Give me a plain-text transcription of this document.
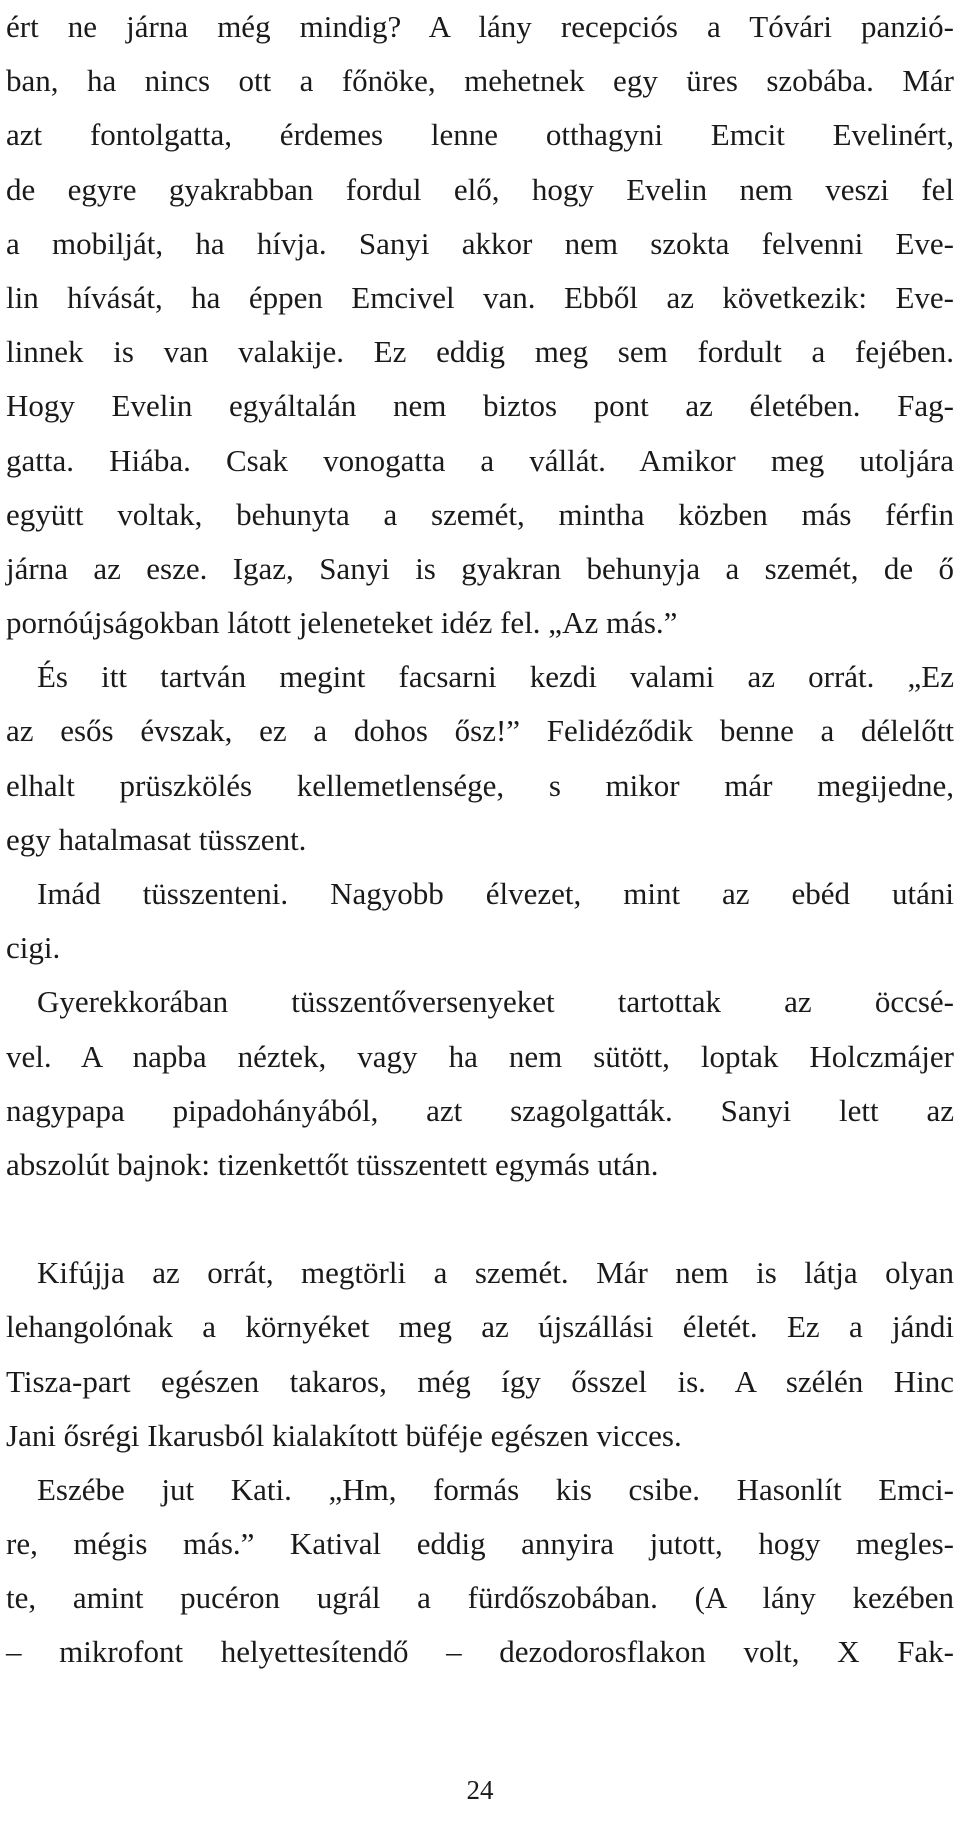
ért ne járna még mindig? A lány recepciós a Tóvári panzió-
ban, ha nincs ott a főnöke, mehetnek egy üres szobába. Már
azt fontolgatta, érdemes lenne otthagyni Emcit Evelinért,
de egyre gyakrabban fordul elő, hogy Evelin nem veszi fel
a mobilját, ha hívja. Sanyi akkor nem szokta felvenni Eve-
lin hívását, ha éppen Emcivel van. Ebből az következik: Eve-
linnek is van valakije. Ez eddig meg sem fordult a fejében.
Hogy Evelin egyáltalán nem biztos pont az életében. Fag-
gatta. Hiába. Csak vonogatta a vállát. Amikor meg utoljára
együtt voltak, behunyta a szemét, mintha közben más férfin
járna az esze. Igaz, Sanyi is gyakran behunyja a szemét, de ő
pornóújságokban látott jeleneteket idéz fel. „Az más.”
És itt tartván megint facsarni kezdi valami az orrát. „Ez
az esős évszak, ez a dohos ősz!” Felidéződik benne a délelőtt
elhalt prüszkölés kellemetlensége, s mikor már megijedne,
egy hatalmasat tüsszent.
Imád tüsszenteni. Nagyobb élvezet, mint az ebéd utáni
cigi.
Gyerekkorában tüsszentőversenyeket tartottak az öccsé-
vel. A napba néztek, vagy ha nem sütött, loptak Holczmájer
nagypapa pipadohányából, azt szagolgatták. Sanyi lett az
abszolút bajnok: tizenkettőt tüsszentett egymás után.
Kifújja az orrát, megtörli a szemét. Már nem is látja olyan
lehangolónak a környéket meg az újszállási életét. Ez a jándi
Tisza-part egészen takaros, még így ősszel is. A szélén Hinc
Jani ősrégi Ikarusból kialakított büféje egészen vicces.
Eszébe jut Kati. „Hm, formás kis csibe. Hasonlít Emci-
re, mégis más.” Katival eddig annyira jutott, hogy megles-
te, amint pucéron ugrál a fürdőszobában. (A lány kezében
– mikrofont helyettesítendő – dezodorosflakon volt, X Fak-
24
